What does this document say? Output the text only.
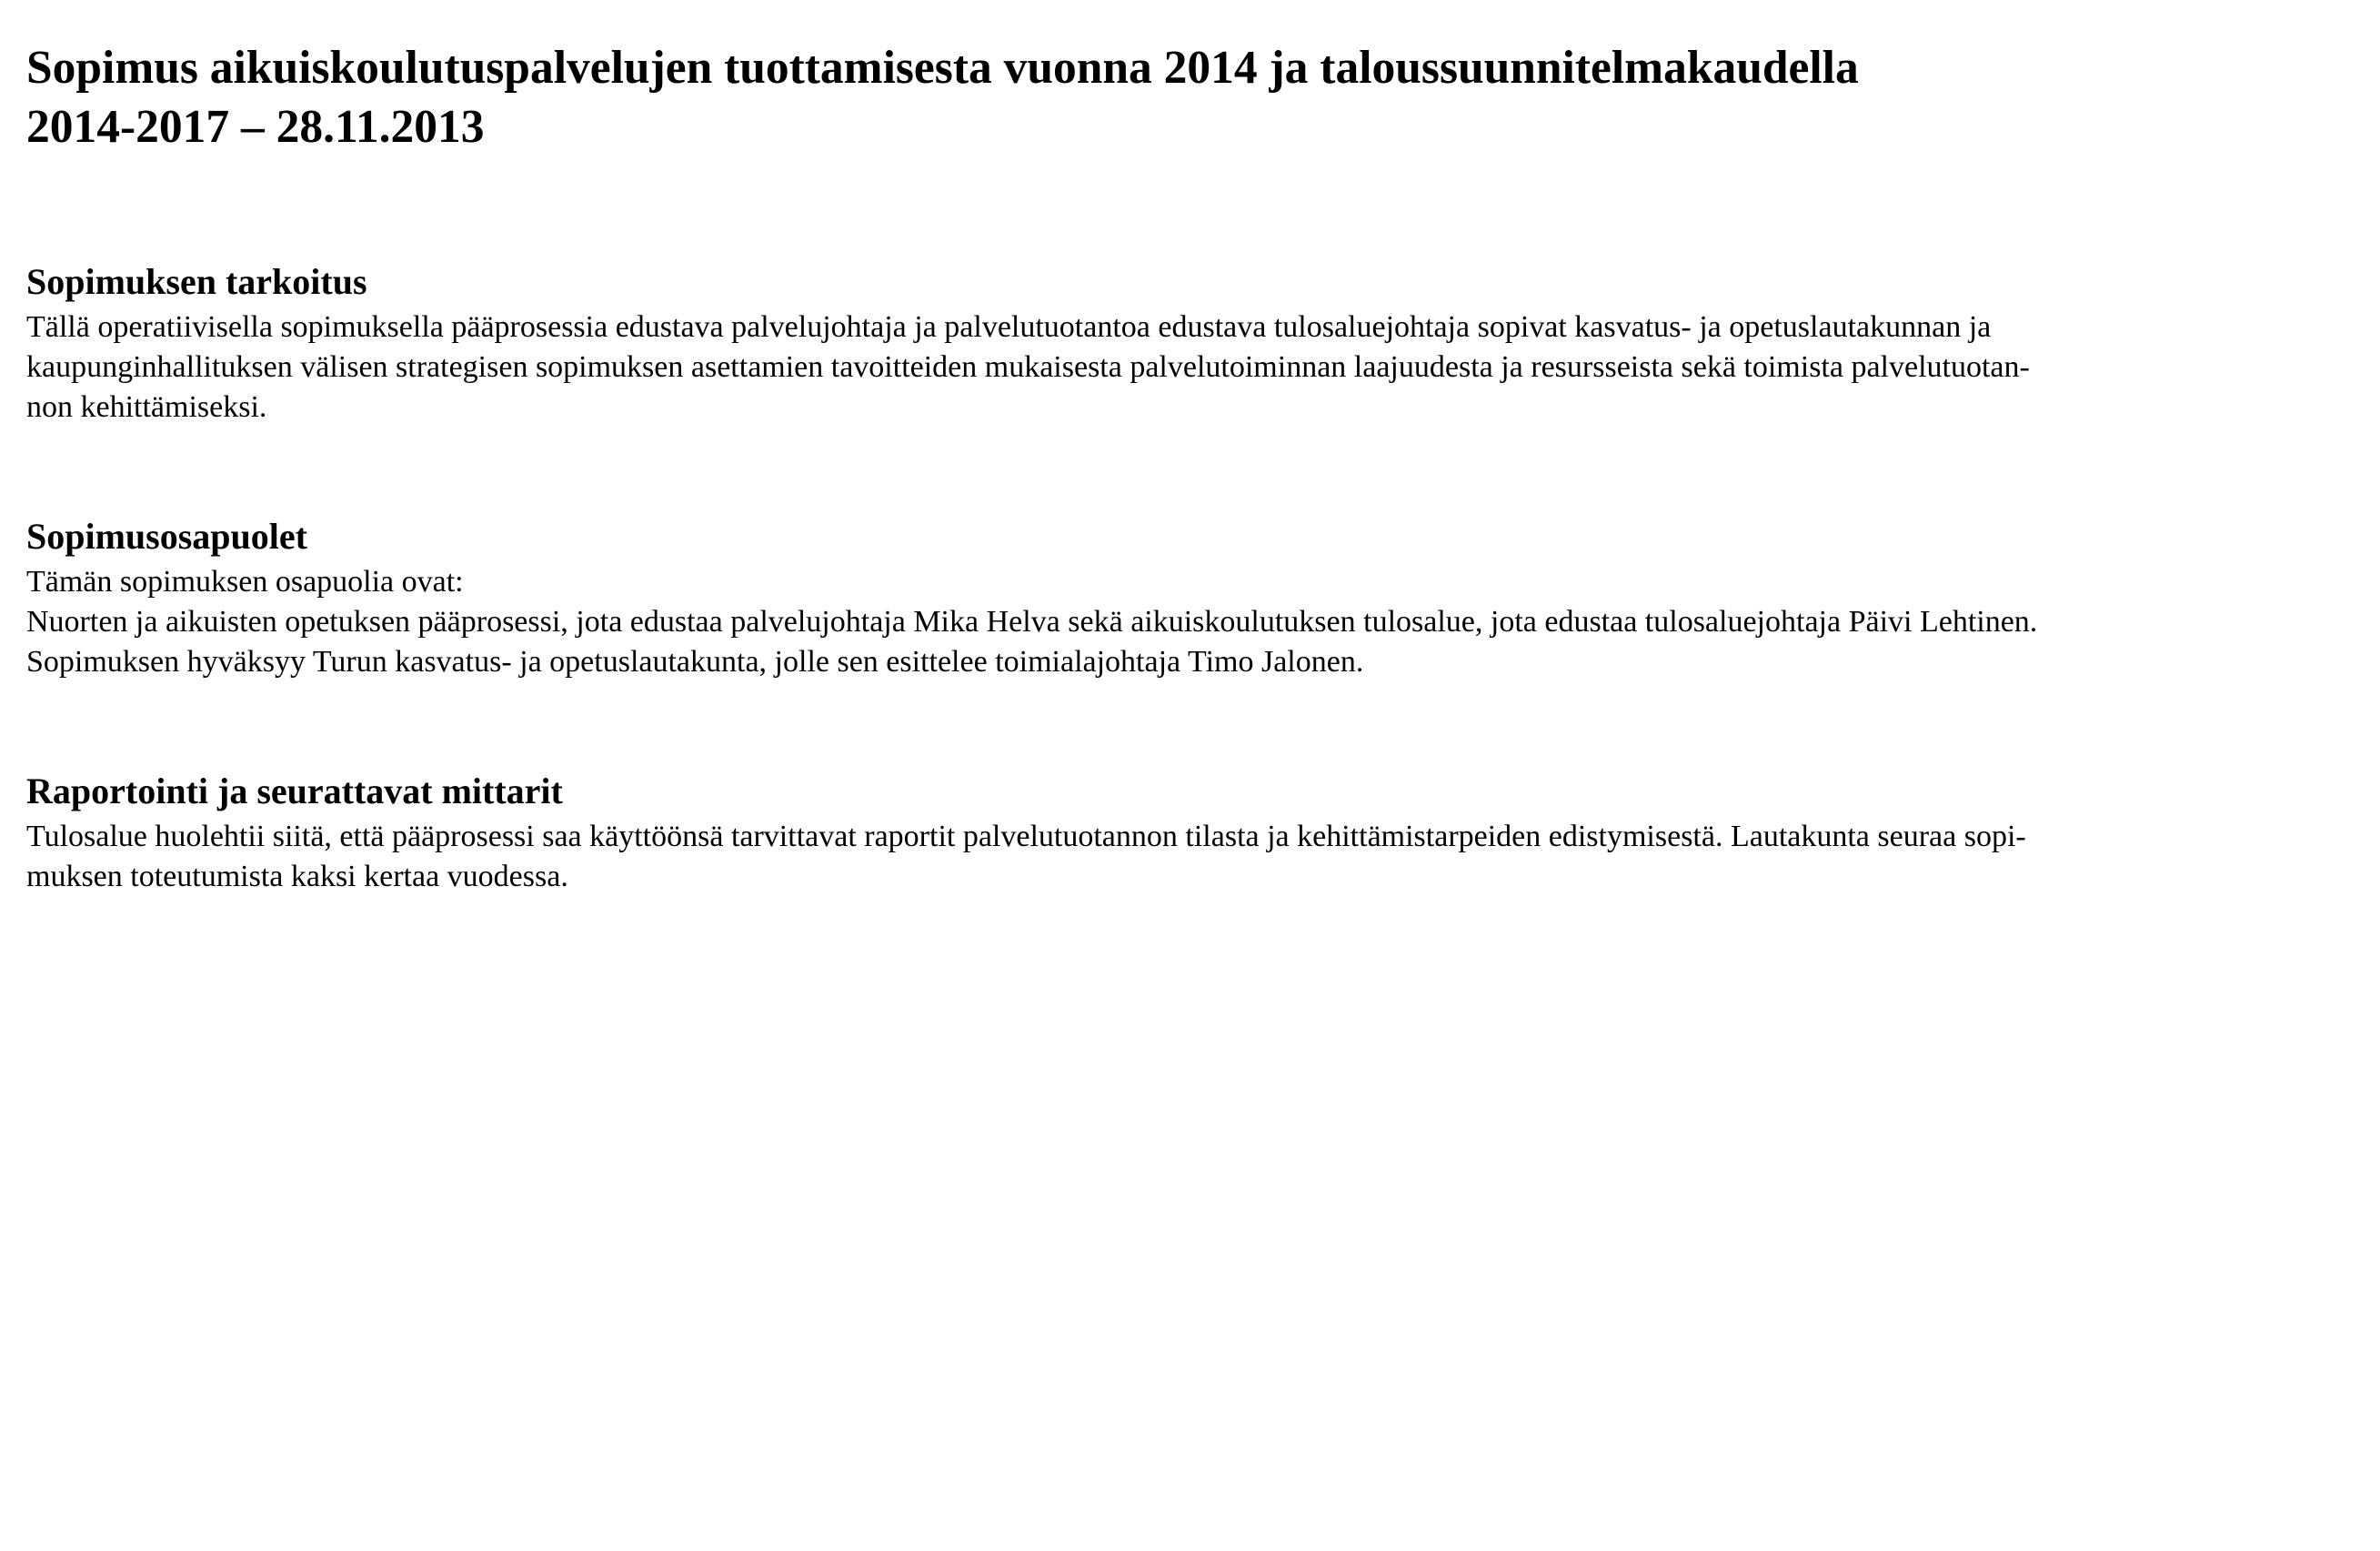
Sopimus aikuiskoulutuspalvelujen tuottamisesta vuonna 2014 ja taloussuunnitelmakaudella
2014-2017 – 28.11.2013
Sopimuksen tarkoitus
Tällä operatiivisella sopimuksella pääprosessia edustava palvelujohtaja ja palvelutuotantoa edustava tulosaluejohtaja sopivat kasvatus- ja opetuslautakunnan ja
kaupunginhallituksen välisen strategisen sopimuksen asettamien tavoitteiden mukaisesta palvelutoiminnan laajuudesta ja resursseista sekä toimista palvelutuotan-
non kehittämiseksi.
Sopimusosapuolet
Tämän sopimuksen osapuolia ovat:
Nuorten ja aikuisten opetuksen pääprosessi, jota edustaa palvelujohtaja Mika Helva sekä aikuiskoulutuksen tulosalue, jota edustaa tulosaluejohtaja Päivi Lehtinen.
Sopimuksen hyväksyy Turun kasvatus- ja opetuslautakunta, jolle sen esittelee toimialajohtaja Timo Jalonen.
Raportointi ja seurattavat mittarit
Tulosalue huolehtii siitä, että pääprosessi saa käyttöönsä tarvittavat raportit palvelutuotannon tilasta ja kehittämistarpeiden edistymisestä. Lautakunta seuraa sopi-
muksen toteutumista kaksi kertaa vuodessa.
